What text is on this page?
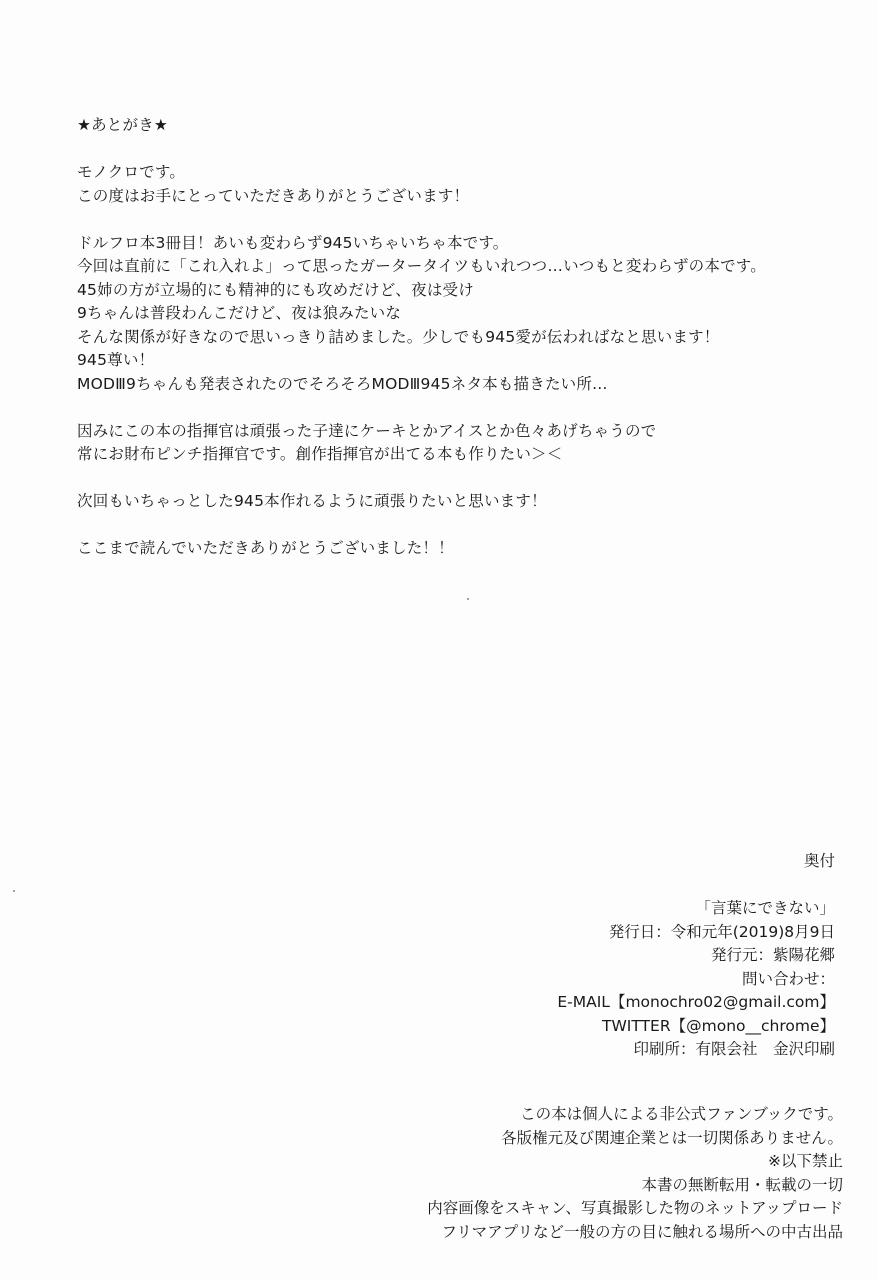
★あとがき★
モノクロです。
この度はお手にとっていただきありがとうございます！
ドルフロ本3冊目！あいも変わらず945いちゃいちゃ本です。
今回は直前に「これ入れよ」って思ったガータータイツもいれつつ…いつもと変わらずの本です。
45姉の方が立場的にも精神的にも攻めだけど、夜は受け
9ちゃんは普段わんこだけど、夜は狼みたいな
そんな関係が好きなので思いっきり詰めました。少しでも945愛が伝わればなと思います！
945尊い！
MODⅢ9ちゃんも発表されたのでそろそろMODⅢ945ネタ本も描きたい所…
因みにこの本の指揮官は頑張った子達にケーキとかアイスとか色々あげちゃうので
常にお財布ピンチ指揮官です。創作指揮官が出てる本も作りたい＞＜
次回もいちゃっとした945本作れるように頑張りたいと思います！
ここまで読んでいただきありがとうございました！！
奥付
「言葉にできない」
発行日：令和元年(2019)8月9日
発行元：紫陽花郷
問い合わせ：
E-MAIL【monochro02@gmail.com】
TWITTER【@mono__chrome】
印刷所：有限会社　金沢印刷
この本は個人による非公式ファンブックです。
各版権元及び関連企業とは一切関係ありません。
※以下禁止
本書の無断転用・転載の一切
内容画像をスキャン、写真撮影した物のネットアップロード
フリマアプリなど一般の方の目に触れる場所への中古出品
